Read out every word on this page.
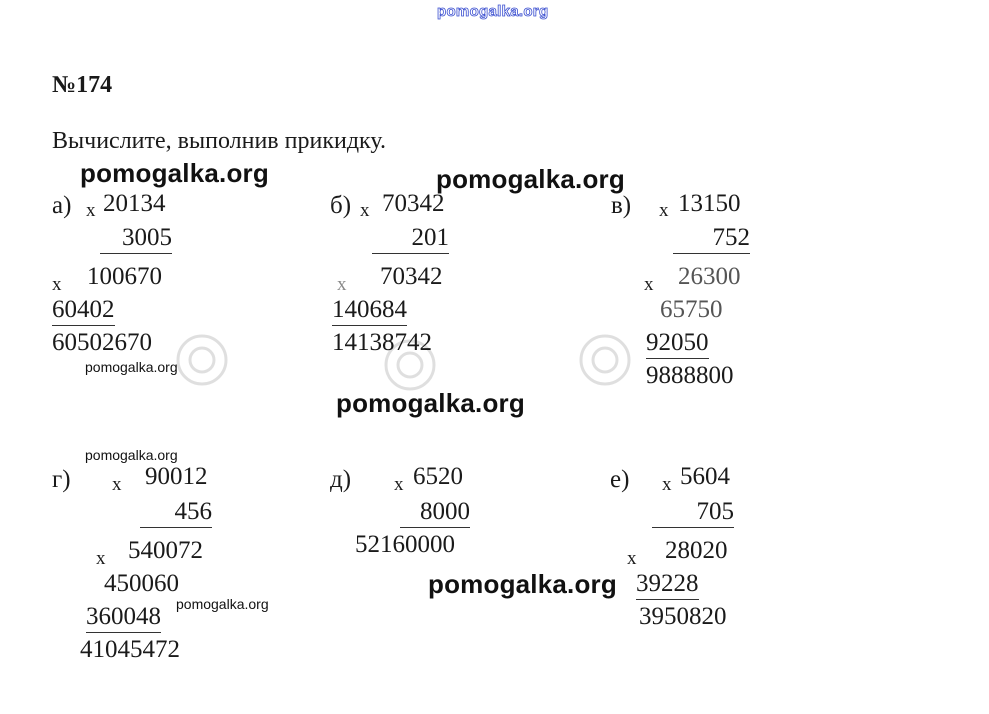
pomogalka.org
№174
Вычислите, выполнив прикидку.
а) x 20134
3005
x 100670
60402
60502670
б) x 70342
201
x 70342
140684
14138742
в) x 13150
752
x 26300
65750
92050
9888800
г) x 90012
456
x 540072
450060
360048
41045472
д) x 6520
8000
52160000
е) x 5604
705
x 28020
39228
3950820
pomogalka.org	pomogalka.org
pomogalka.org
pomogalka.org
pomogalka.org
pomogalka.org
pomogalka.org
